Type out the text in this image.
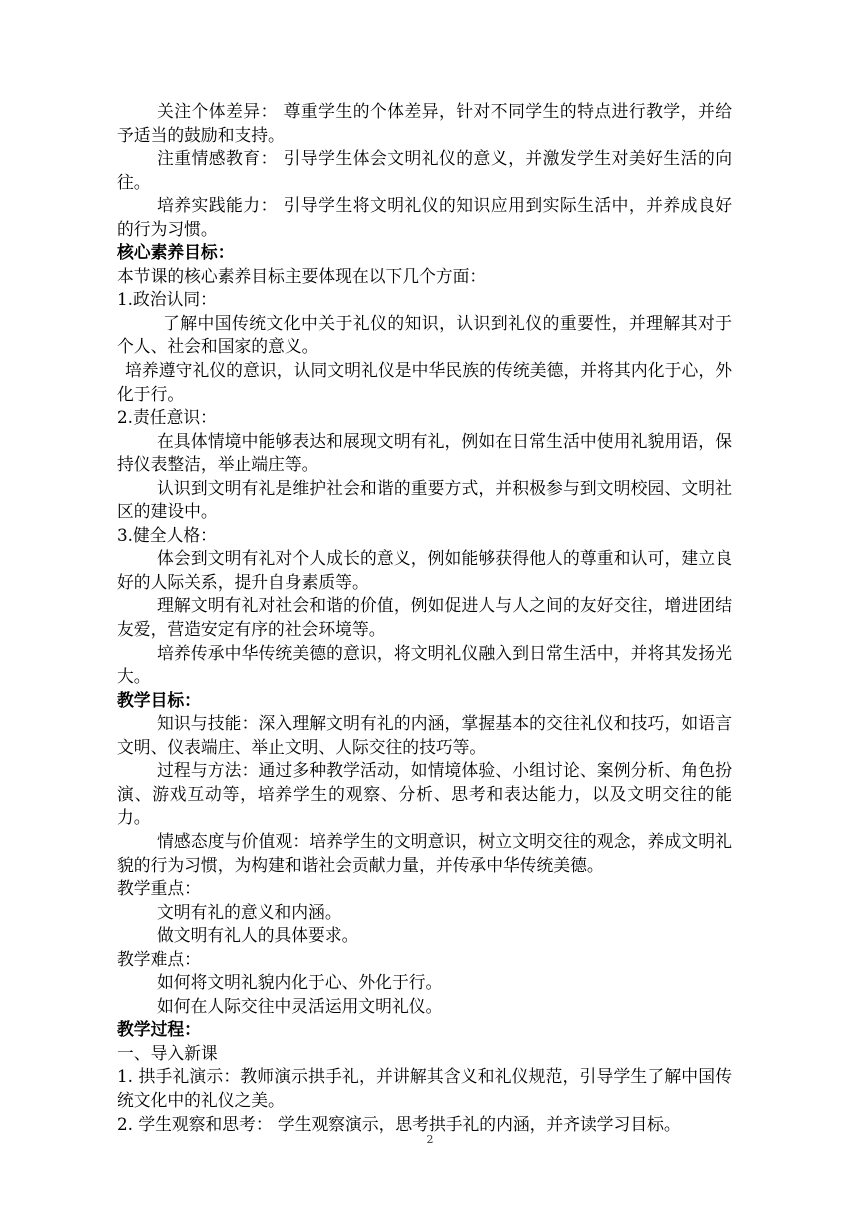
关注个体差异： 尊重学生的个体差异，针对不同学生的特点进行教学，并给予适当的鼓励和支持。

注重情感教育： 引导学生体会文明礼仪的意义，并激发学生对美好生活的向往。

培养实践能力： 引导学生将文明礼仪的知识应用到实际生活中，并养成良好的行为习惯。

核心素养目标：

本节课的核心素养目标主要体现在以下几个方面：

1.政治认同：

了解中国传统文化中关于礼仪的知识，认识到礼仪的重要性，并理解其对于个人、社会和国家的意义。

培养遵守礼仪的意识，认同文明礼仪是中华民族的传统美德，并将其内化于心，外化于行。

2.责任意识：

在具体情境中能够表达和展现文明有礼，例如在日常生活中使用礼貌用语，保持仪表整洁，举止端庄等。

认识到文明有礼是维护社会和谐的重要方式，并积极参与到文明校园、文明社区的建设中。

3.健全人格：

体会到文明有礼对个人成长的意义，例如能够获得他人的尊重和认可，建立良好的人际关系，提升自身素质等。

理解文明有礼对社会和谐的价值，例如促进人与人之间的友好交往，增进团结友爱，营造安定有序的社会环境等。

培养传承中华传统美德的意识，将文明礼仪融入到日常生活中，并将其发扬光大。

教学目标：

知识与技能：深入理解文明有礼的内涵，掌握基本的交往礼仪和技巧，如语言文明、仪表端庄、举止文明、人际交往的技巧等。

过程与方法：通过多种教学活动，如情境体验、小组讨论、案例分析、角色扮演、游戏互动等，培养学生的观察、分析、思考和表达能力，以及文明交往的能力。

情感态度与价值观：培养学生的文明意识，树立文明交往的观念，养成文明礼貌的行为习惯，为构建和谐社会贡献力量，并传承中华传统美德。

教学重点：

文明有礼的意义和内涵。

做文明有礼人的具体要求。

教学难点：

如何将文明礼貌内化于心、外化于行。

如何在人际交往中灵活运用文明礼仪。

教学过程：

一、导入新课

1. 拱手礼演示：教师演示拱手礼，并讲解其含义和礼仪规范，引导学生了解中国传统文化中的礼仪之美。

2. 学生观察和思考： 学生观察演示，思考拱手礼的内涵，并齐读学习目标。

2
